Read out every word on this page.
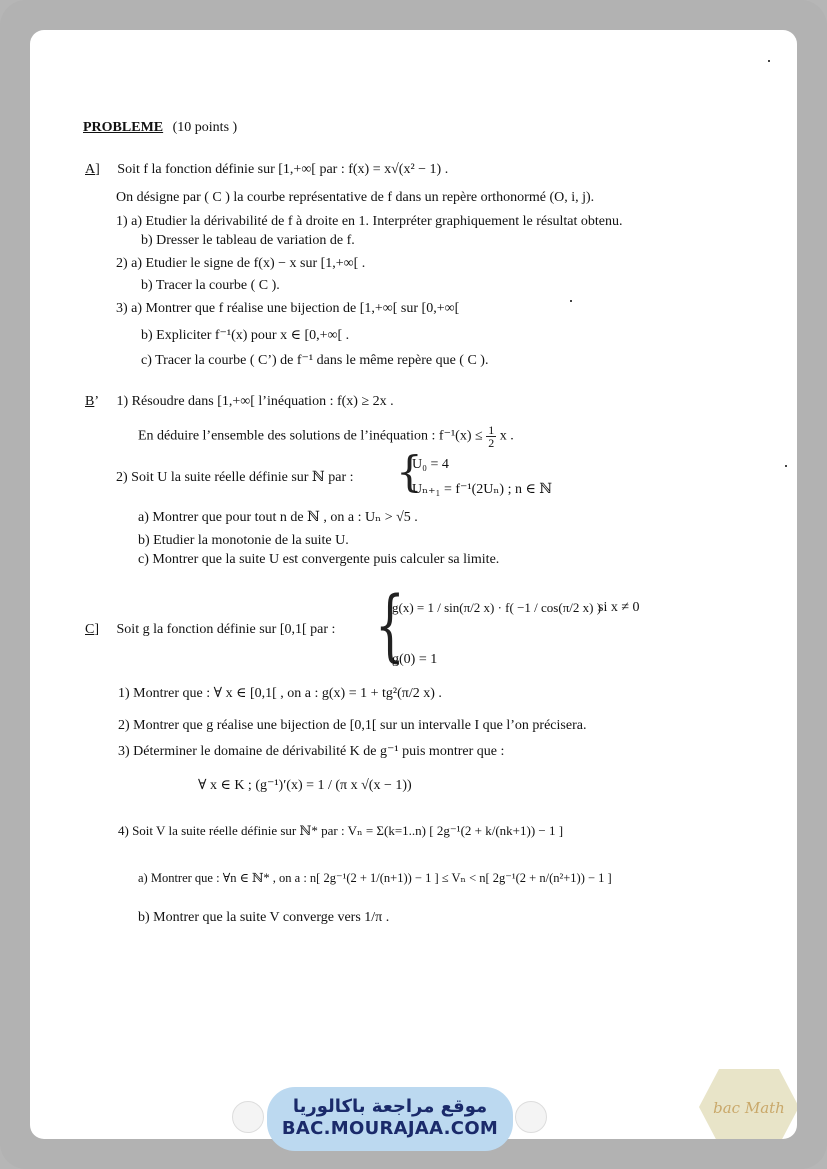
PROBLEME (10 points )
A] Soit f la fonction définie sur [1,+∞[ par : f(x) = x√(x² − 1) .
On désigne par ( C ) la courbe représentative de f dans un repère orthonormé (O, i, j).
1) a) Etudier la dérivabilité de f à droite en 1. Interpréter graphiquement le résultat obtenu.
b) Dresser le tableau de variation de f.
2) a) Etudier le signe de f(x) − x sur [1,+∞[ .
b) Tracer la courbe ( C ).
3) a) Montrer que f réalise une bijection de [1,+∞[ sur [0,+∞[
b) Expliciter f⁻¹(x) pour x ∈ [0,+∞[ .
c) Tracer la courbe ( C’) de f⁻¹ dans le même repère que ( C ).
B’ 1) Résoudre dans [1,+∞[ l’inéquation : f(x) ≥ 2x .
En déduire l’ensemble des solutions de l’inéquation : $f^{-1}(x) \le \frac{1}{2}$ x .
2) Soit U la suite réelle définie sur ℕ par : {
U₀ = 4
Uₙ₊₁ = f⁻¹(2Uₙ) ; n ∈ ℕ
a) Montrer que pour tout n de ℕ , on a : Uₙ > √5 .
b) Etudier la monotonie de la suite U.
c) Montrer que la suite U est convergente puis calculer sa limite.
C] Soit g la fonction définie sur [0,1[ par : {
g(x) = 1 / sin(π/2 x) · f( −1 / cos(π/2 x) )
si x ≠ 0
g(0) = 1
1) Montrer que : ∀ x ∈ [0,1[ , on a : g(x) = 1 + tg²(π/2 x) .
2) Montrer que g réalise une bijection de [0,1[ sur un intervalle I que l’on précisera.
3) Déterminer le domaine de dérivabilité K de g⁻¹ puis montrer que :
∀ x ∈ K ; (g⁻¹)′(x) = 1 / (π x √(x − 1))
4) Soit V la suite réelle définie sur ℕ* par : Vₙ = Σ(k=1..n) [ 2g⁻¹(2 + k/(nk+1)) − 1 ]
a) Montrer que : ∀n ∈ ℕ* , on a : n[ 2g⁻¹(2 + 1/(n+1)) − 1 ] ≤ Vₙ < n[ 2g⁻¹(2 + n/(n²+1)) − 1 ]
b) Montrer que la suite V converge vers 1/π .
bac Math
موقع مراجعة باكالوريا
BAC.MOURAJAA.COM
